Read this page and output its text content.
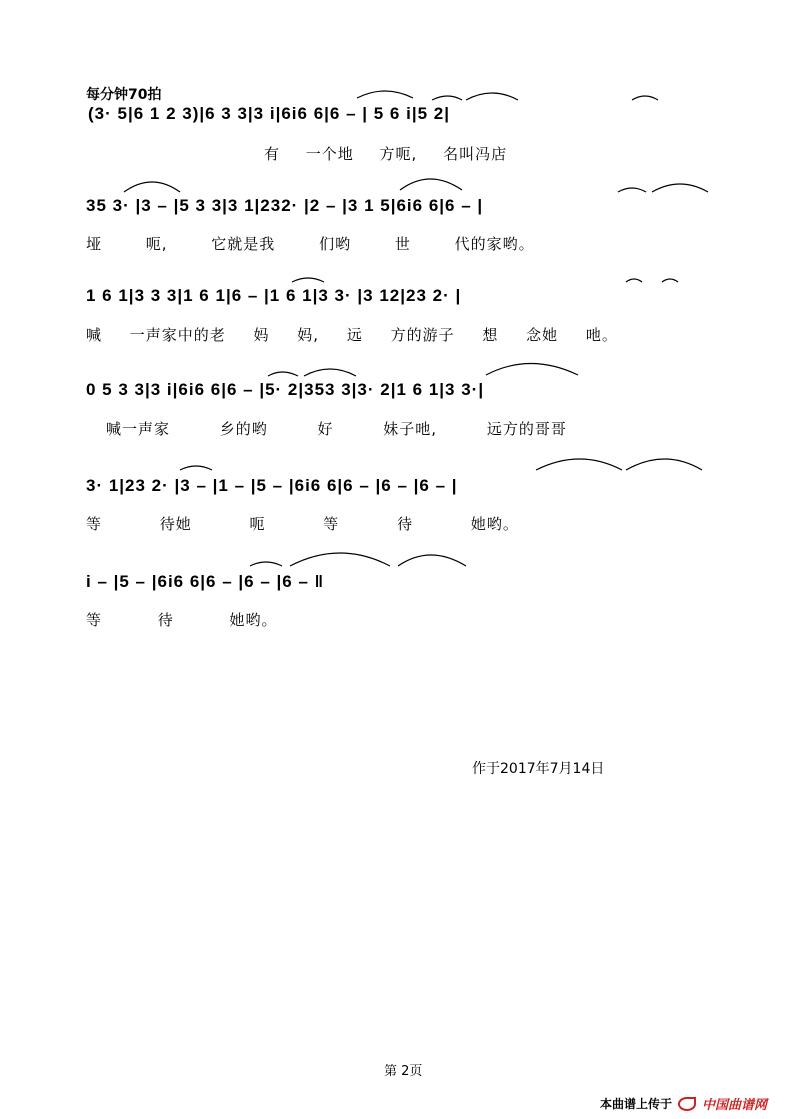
每分钟70拍
(3· 5|6 1 2 3)|6 3 3|3 i|6i6 6|6 – | 5 6 i|5 2|
有 一个地 方呃, 名叫冯店
35 3· |3 – |5 3 3|3 1|232· |2 – |3 1 5|6i6 6|6 – |
垭 呃, 它就是我 们哟 世 代的家哟。
1 6 1|3 3 3|1 6 1|6 – |1 6 1|3 3· |3 12|23 2· |
喊 一声家中的老 妈 妈, 远 方的游子 想 念她 吔。
0 5 3 3|3 i|6i6 6|6 – |5· 2|353 3|3· 2|1 6 1|3 3·|
喊一声家 乡的哟 好 妹子吔, 远方的哥哥
3· 1|23 2· |3 – |1 – |5 – |6i6 6|6 – |6 – |6 – |
等 待她 呃 等 待 她哟。
i – |5 – |6i6 6|6 – |6 – |6 – ‖
等 待 她哟。
作于2017年7月14日
第 2页
本曲谱上传于 中国曲谱网
